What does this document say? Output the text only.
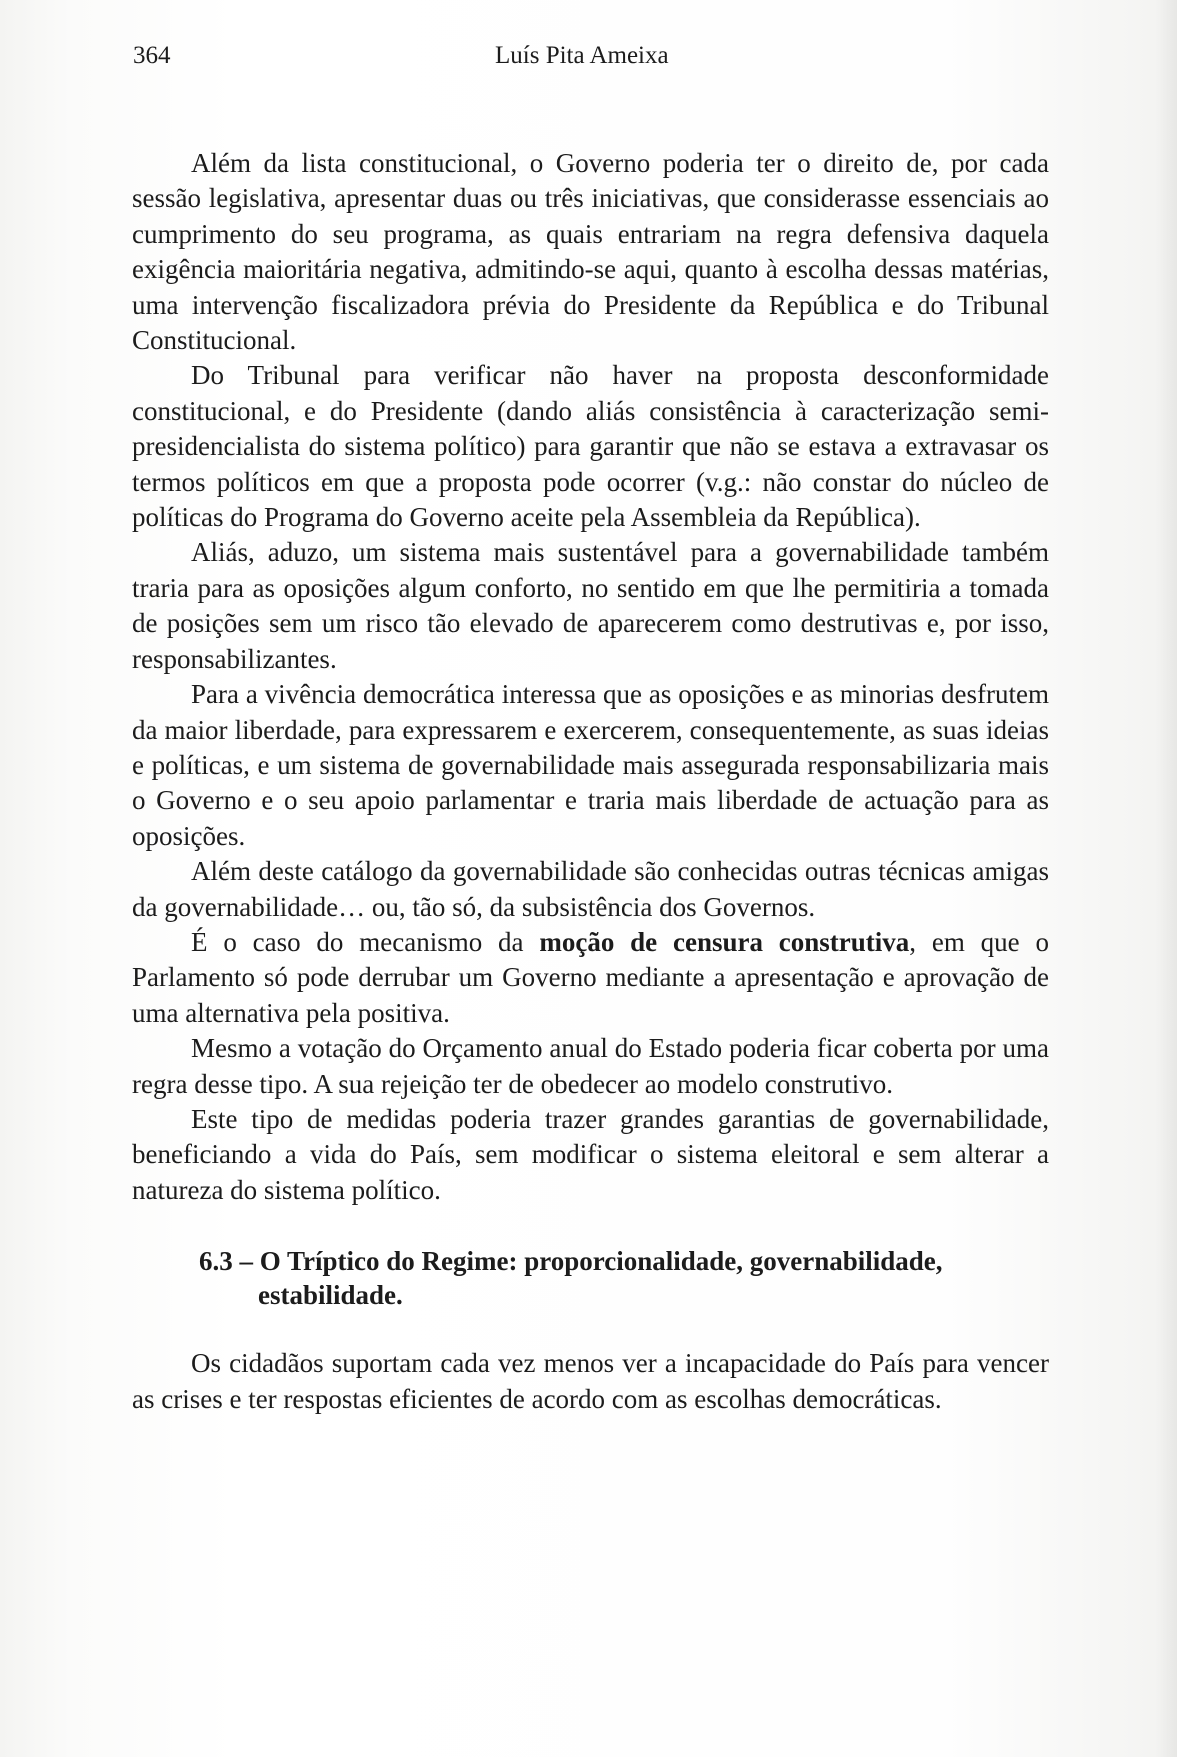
364	Luís Pita Ameixa

Além da lista constitucional, o Governo poderia ter o direito de, por cada sessão legislativa, apresentar duas ou três iniciativas, que considerasse essenciais ao cumprimento do seu programa, as quais entrariam na regra defensiva daquela exigência maioritária negativa, admitindo-se aqui, quanto à escolha dessas matérias, uma intervenção fiscalizadora prévia do Presidente da República e do Tribunal Constitucional.

Do Tribunal para verificar não haver na proposta desconformidade constitucional, e do Presidente (dando aliás consistência à caracterização semi-presidencialista do sistema político) para garantir que não se estava a extravasar os termos políticos em que a proposta pode ocorrer (v.g.: não constar do núcleo de políticas do Programa do Governo aceite pela Assembleia da República).

Aliás, aduzo, um sistema mais sustentável para a governabilidade também traria para as oposições algum conforto, no sentido em que lhe permitiria a tomada de posições sem um risco tão elevado de aparecerem como destrutivas e, por isso, responsabilizantes.

Para a vivência democrática interessa que as oposições e as minorias desfrutem da maior liberdade, para expressarem e exercerem, consequentemente, as suas ideias e políticas, e um sistema de governabilidade mais assegurada responsabilizaria mais o Governo e o seu apoio parlamentar e traria mais liberdade de actuação para as oposições.

Além deste catálogo da governabilidade são conhecidas outras técnicas amigas da governabilidade… ou, tão só, da subsistência dos Governos.

É o caso do mecanismo da moção de censura construtiva, em que o Parlamento só pode derrubar um Governo mediante a apresentação e aprovação de uma alternativa pela positiva.

Mesmo a votação do Orçamento anual do Estado poderia ficar coberta por uma regra desse tipo. A sua rejeição ter de obedecer ao modelo construtivo.

Este tipo de medidas poderia trazer grandes garantias de governabilidade, beneficiando a vida do País, sem modificar o sistema eleitoral e sem alterar a natureza do sistema político.

6.3 – O Tríptico do Regime: proporcionalidade, governabilidade, estabilidade.

Os cidadãos suportam cada vez menos ver a incapacidade do País para vencer as crises e ter respostas eficientes de acordo com as escolhas democráticas.
